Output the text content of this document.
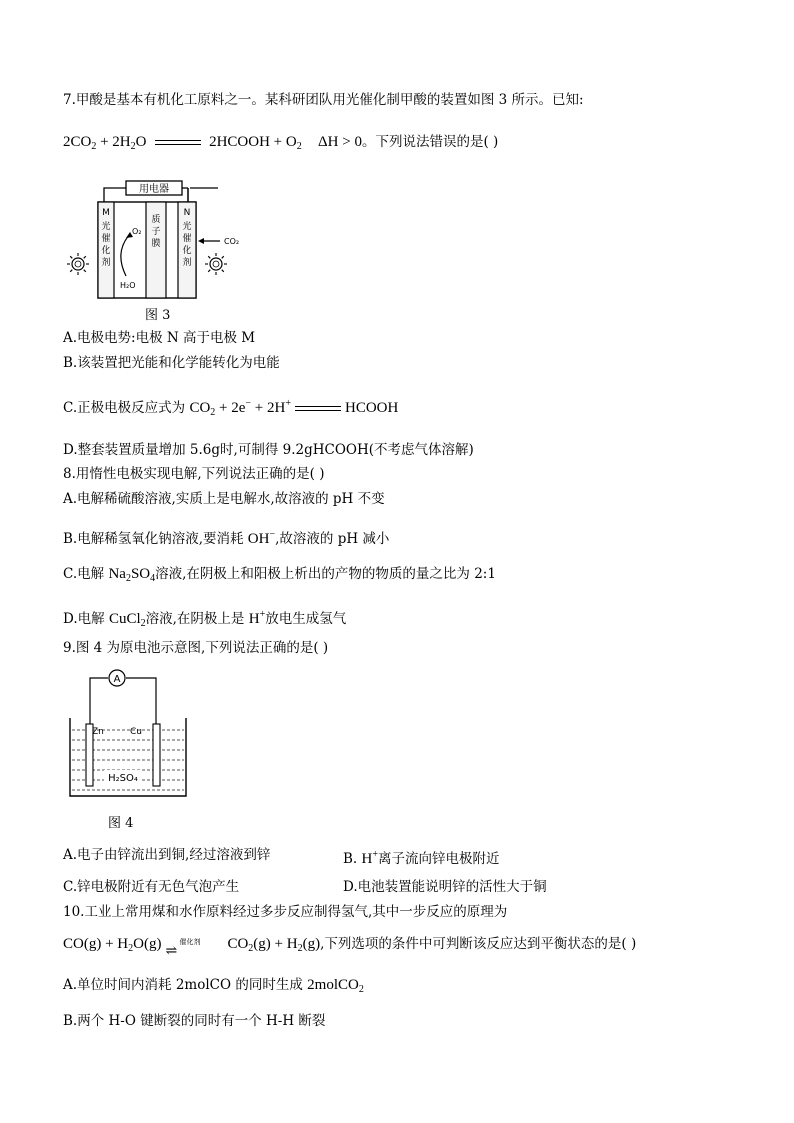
7.甲酸是基本有机化工原料之一。某科研团队用光催化制甲酸的装置如图 3 所示。已知:
$2CO_2 + 2H_2O$	2HCOOH + $O_2$ ΔH > 0。下列说法错误的是( )
用电器
M
光
催
化
剂
质
子
膜
N
光
催
化
剂
O₂
H₂O
CO₂
图 3
A.电极电势:电极 N 高于电极 M
B.该装置把光能和化学能转化为电能
C.正极电极反应式为 $CO_2 + 2e^- + 2H^+$	HCOOH
D.整套装置质量增加 5.6g时,可制得 9.2gHCOOH(不考虑气体溶解)
8.用惰性电极实现电解,下列说法正确的是( )
A.电解稀硫酸溶液,实质上是电解水,故溶液的 pH 不变
B.电解稀氢氧化钠溶液,要消耗 OH−,故溶液的 pH 减小
C.电解 $Na_2SO_4$溶液,在阴极上和阳极上析出的产物的物质的量之比为 2:1
D.电解 CuCl$_2$溶液,在阴极上是 H+放电生成氢气
9.图 4 为原电池示意图,下列说法正确的是( )
A
Zn	Cu
H₂SO₄
图 4
A.电子由锌流出到铜,经过溶液到锌	B. H+离子流向锌电极附近
C.锌电极附近有无色气泡产生	D.电池装置能说明锌的活性大于铜
10.工业上常用煤和水作原料经过多步反应制得氢气,其中一步反应的原理为
$CO(g) + H_2O(g)$	催化剂
⇌	$CO_2(g) + H_2(g)$,下列选项的条件中可判断该反应达到平衡状态的是( )
A.单位时间内消耗 2molCO 的同时生成 2molCO$_2$
B.两个 H-O 键断裂的同时有一个 H-H 断裂
